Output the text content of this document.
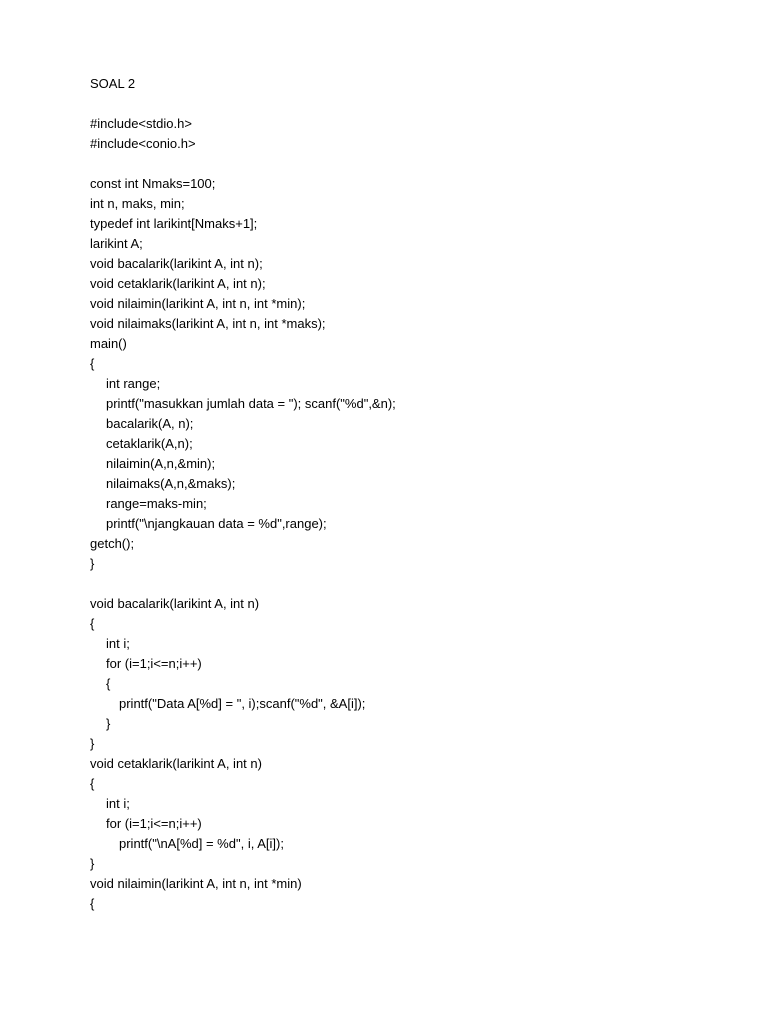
SOAL 2
#include<stdio.h>
#include<conio.h>
const int Nmaks=100;
int n, maks, min;
typedef int larikint[Nmaks+1];
larikint A;
void bacalarik(larikint A, int n);
void cetaklarik(larikint A, int n);
void nilaimin(larikint A, int n, int *min);
void nilaimaks(larikint A, int n, int *maks);
main()
{
int range;
printf("masukkan jumlah data = "); scanf("%d",&n);
bacalarik(A, n);
cetaklarik(A,n);
nilaimin(A,n,&min);
nilaimaks(A,n,&maks);
range=maks-min;
printf("\njangkauan data = %d",range);
getch();
}
void bacalarik(larikint A, int n)
{
int i;
for (i=1;i<=n;i++)
{
printf("Data A[%d] = ", i);scanf("%d", &A[i]);
}
}
void cetaklarik(larikint A, int n)
{
int i;
for (i=1;i<=n;i++)
printf("\nA[%d] = %d", i, A[i]);
}
void nilaimin(larikint A, int n, int *min)
{
